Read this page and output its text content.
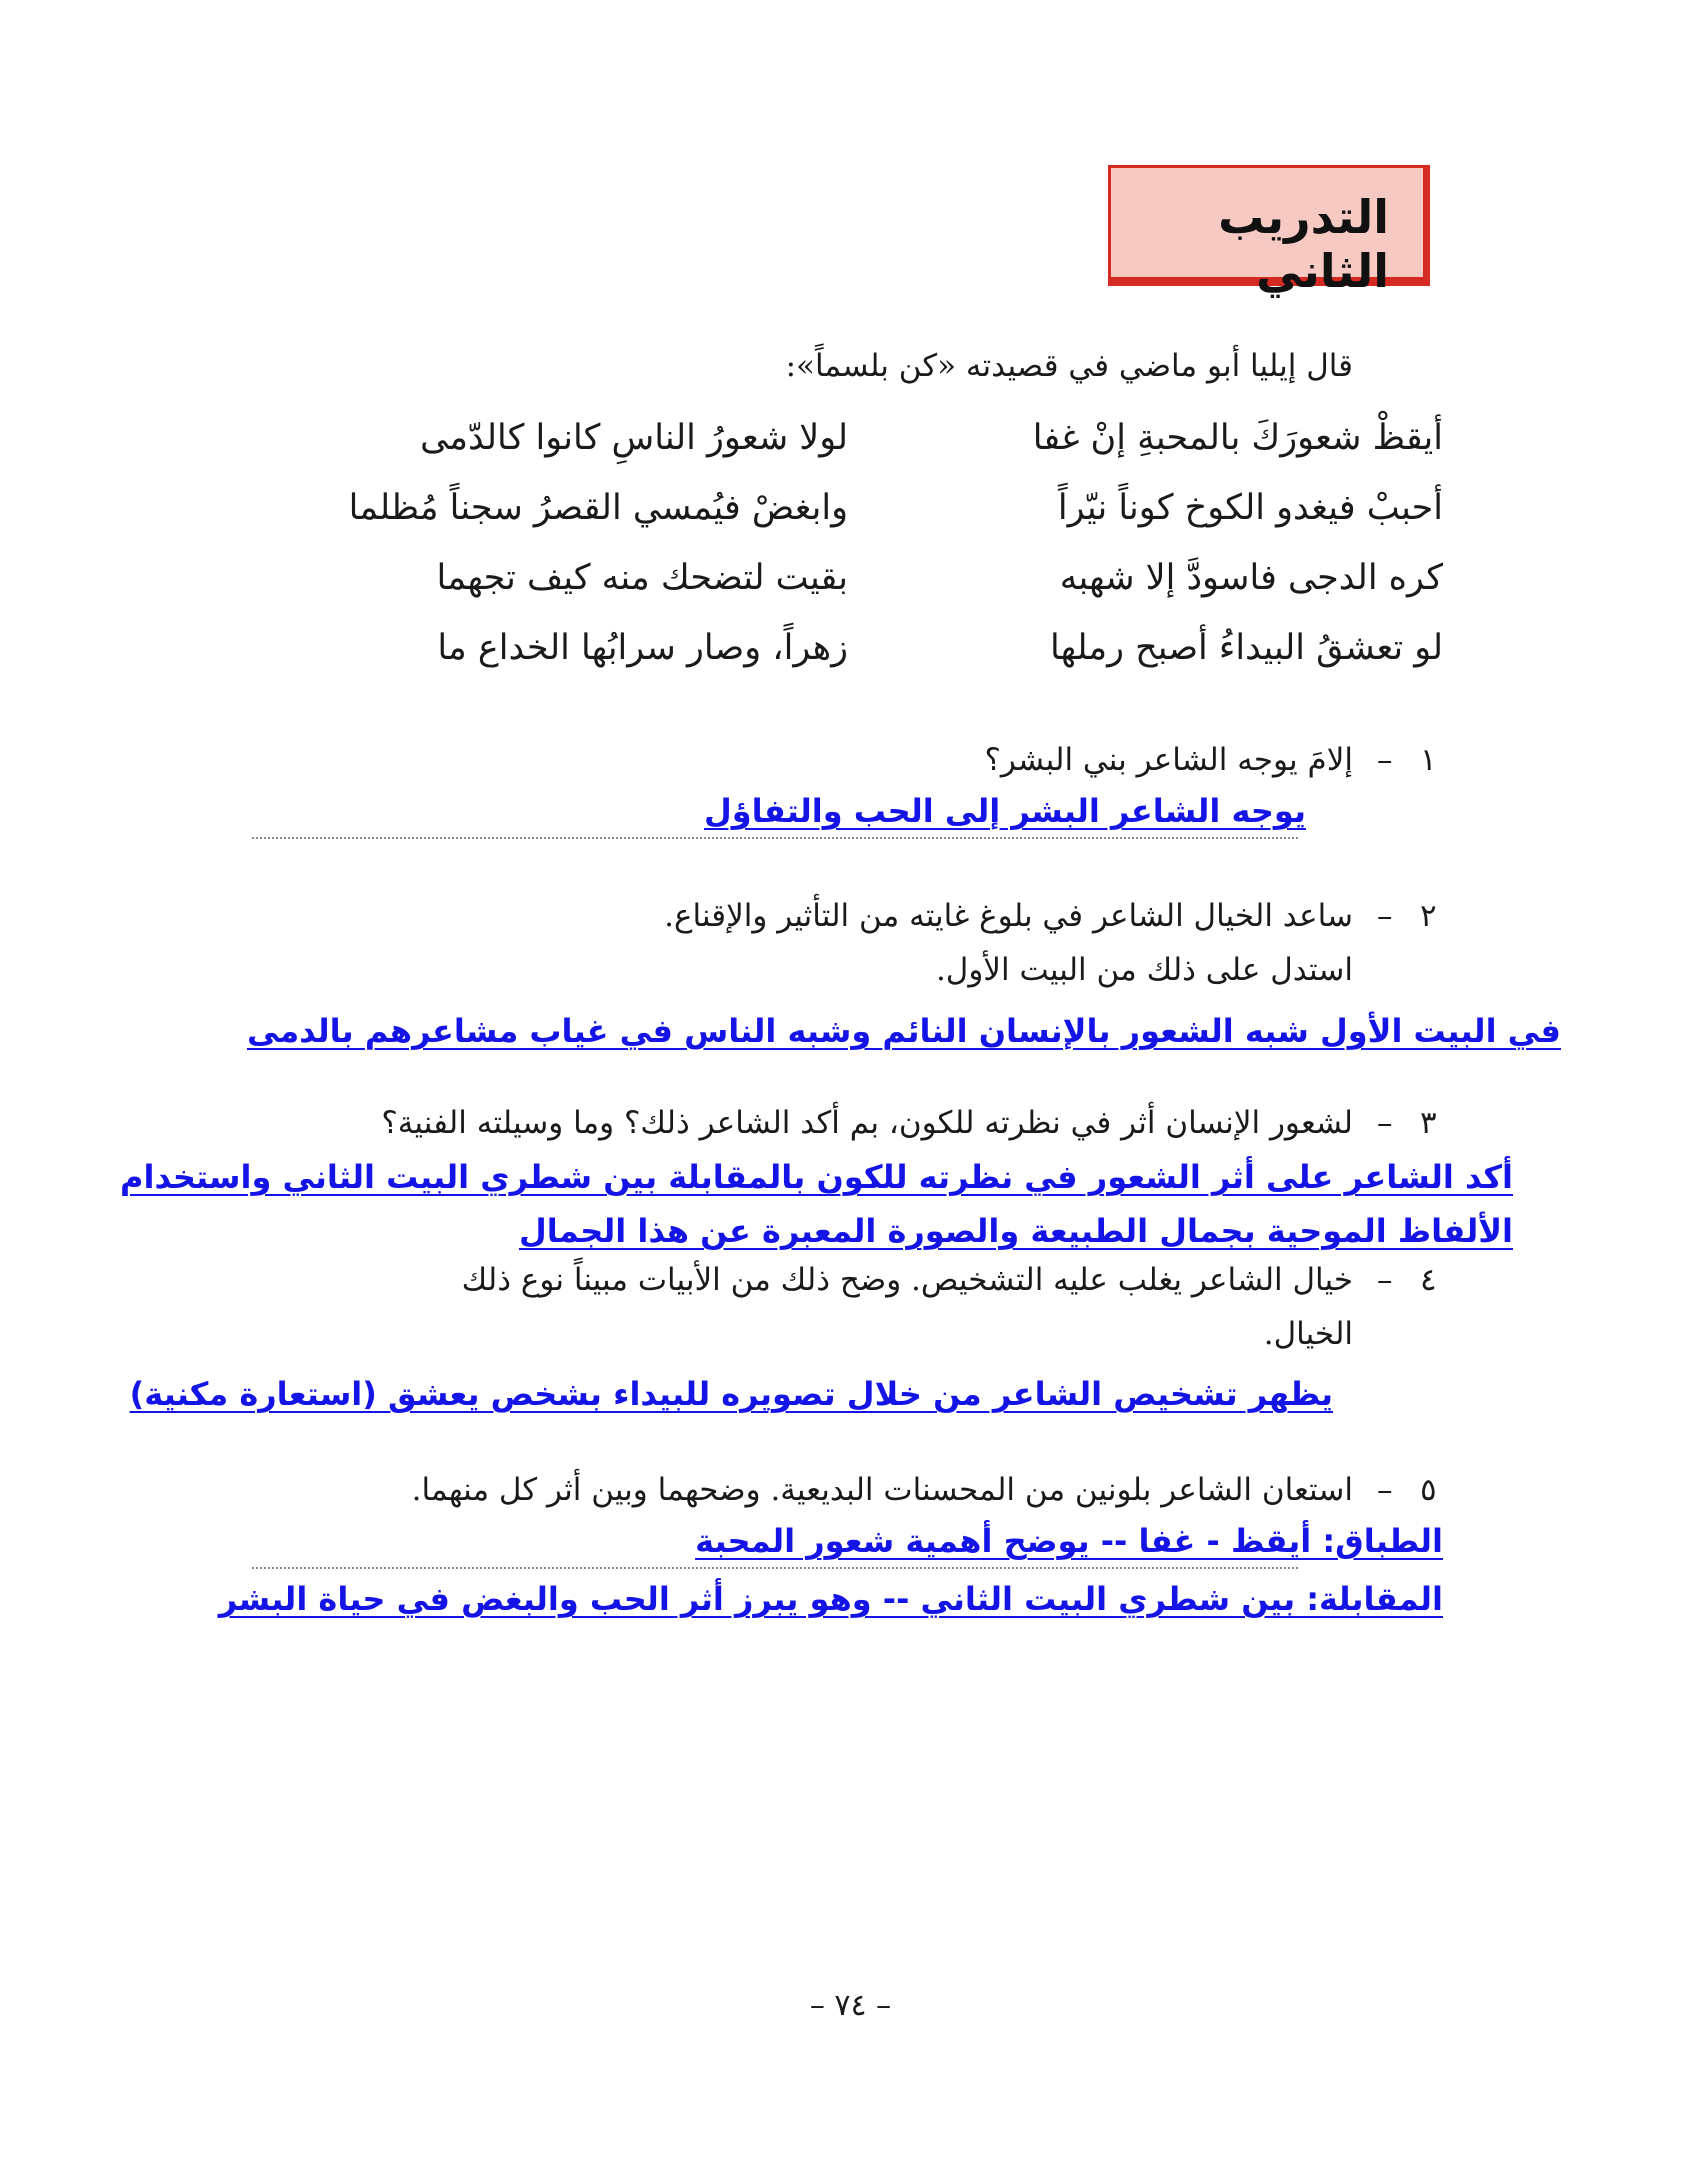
التدريب الثاني
قال إيليا أبو ماضي في قصيدته «كن بلسماً»:
أيقظْ شعورَكَ بالمحبةِ إنْ غفا
لولا شعورُ الناسِ كانوا كالدّمى
أحببْ فيغدو الكوخ كوناً نيّراً
وابغضْ فيُمسي القصرُ سجناً مُظلما
كره الدجى فاسودَّ إلا شهبه
بقيت لتضحك منه كيف تجهما
لو تعشقُ البيداءُ أصبح رملها
زهراً، وصار سرابُها الخداع ما
١
–
إلامَ يوجه الشاعر بني البشر؟
يوجه الشاعر البشر إلى الحب والتفاؤل
٢
–
ساعد الخيال الشاعر في بلوغ غايته من التأثير والإقناع.
استدل على ذلك من البيت الأول.
في البيت الأول شبه الشعور بالإنسان النائم وشبه الناس في غياب مشاعرهم بالدمى
٣
–
لشعور الإنسان أثر في نظرته للكون، بم أكد الشاعر ذلك؟ وما وسيلته الفنية؟
أكد الشاعر على أثر الشعور في نظرته للكون بالمقابلة بين شطري البيت الثاني واستخدام
الألفاظ الموحية بجمال الطبيعة والصورة المعبرة عن هذا الجمال
٤
–
خيال الشاعر يغلب عليه التشخيص. وضح ذلك من الأبيات مبيناً نوع ذلك
الخيال.
يظهر تشخيص الشاعر من خلال تصويره للبيداء بشخص يعشق (استعارة مكنية)
٥
–
استعان الشاعر بلونين من المحسنات البديعية. وضحهما وبين أثر كل منهما.
الطباق: أيقظ - غفا -- يوضح أهمية شعور المحبة
المقابلة: بين شطري البيت الثاني -- وهو يبرز أثر الحب والبغض في حياة البشر
– ٧٤ –
